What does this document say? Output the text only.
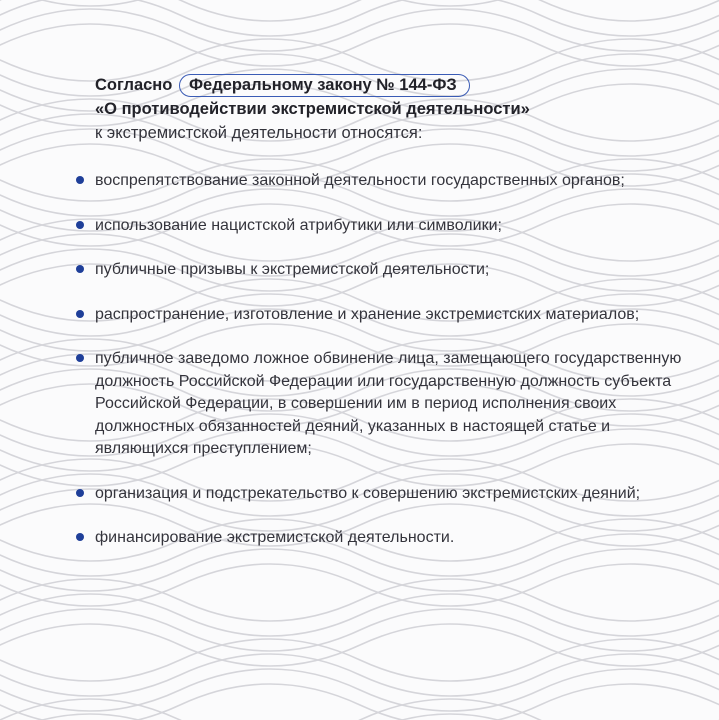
Согласно Федеральному закону № 144-ФЗ
«О противодействии экстремистской деятельности»
к экстремистской деятельности относятся:

воспрепятствование законной деятельности государственных органов;
использование нацистской атрибутики или символики;
публичные призывы к экстремистской деятельности;
распространение, изготовление и хранение экстремистских материалов;
публичное заведомо ложное обвинение лица, замещающего государственную должность Российской Федерации или государственную должность субъекта Российской Федерации, в совершении им в период исполнения своих должностных обязанностей деяний, указанных в настоящей статье и являющихся преступлением;
организация и подстрекательство к совершению экстремистских деяний;
финансирование экстремистской деятельности.
